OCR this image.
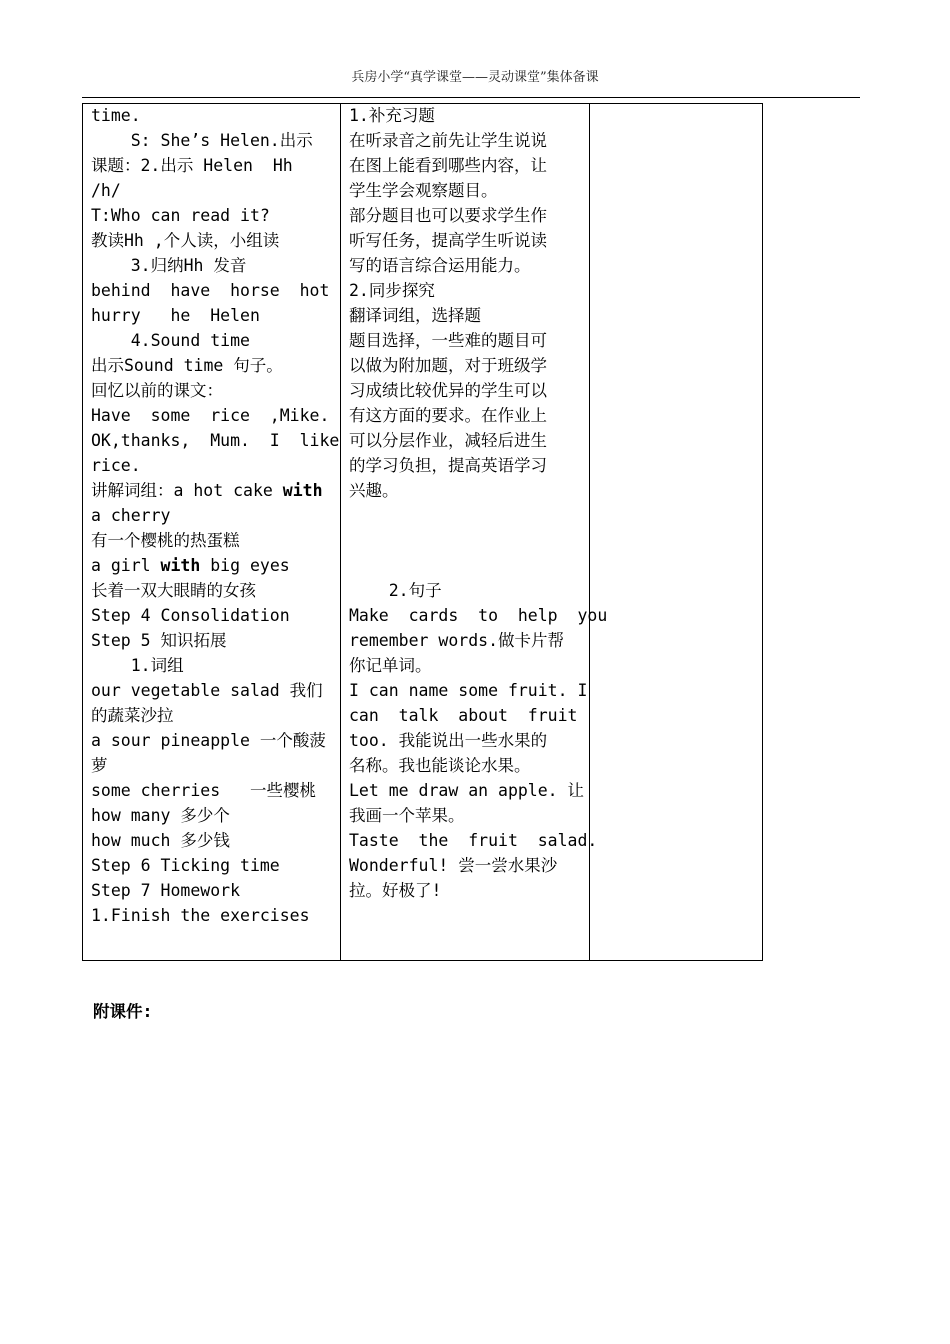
兵房小学“真学课堂——灵动课堂”集体备课
time.
S: She’s Helen.出示
课题：2.出示 Helen  Hh
/h/
T:Who can read it?
教读Hh ,个人读，小组读
3.归纳Hh 发音
behind  have  horse  hot
hurry   he  Helen
4.Sound time
出示Sound time 句子。
回忆以前的课文：
Have  some  rice  ,Mike.
OK,thanks,  Mum.  I  like
rice.
讲解词组：a hot cake with
a cherry
有一个樱桃的热蛋糕
a girl with big eyes
长着一双大眼睛的女孩
Step 4 Consolidation
Step 5 知识拓展
1.词组
our vegetable salad 我们
的蔬菜沙拉
a sour pineapple 一个酸菠
萝
some cherries   一些樱桃
how many 多少个
how much 多少钱
Step 6 Ticking time
Step 7 Homework
1.Finish the exercises
1.补充习题
在听录音之前先让学生说说
在图上能看到哪些内容，让
学生学会观察题目。
部分题目也可以要求学生作
听写任务，提高学生听说读
写的语言综合运用能力。
2.同步探究
翻译词组，选择题
题目选择，一些难的题目可
以做为附加题，对于班级学
习成绩比较优异的学生可以
有这方面的要求。在作业上
可以分层作业，减轻后进生
的学习负担，提高英语学习
兴趣。
2.句子
Make  cards  to  help  you
remember words.做卡片帮
你记单词。
I can name some fruit. I
can  talk  about  fruit
too. 我能说出一些水果的
名称。我也能谈论水果。
Let me draw an apple. 让
我画一个苹果。
Taste  the  fruit  salad.
Wonderful! 尝一尝水果沙
拉。好极了!
附课件:
